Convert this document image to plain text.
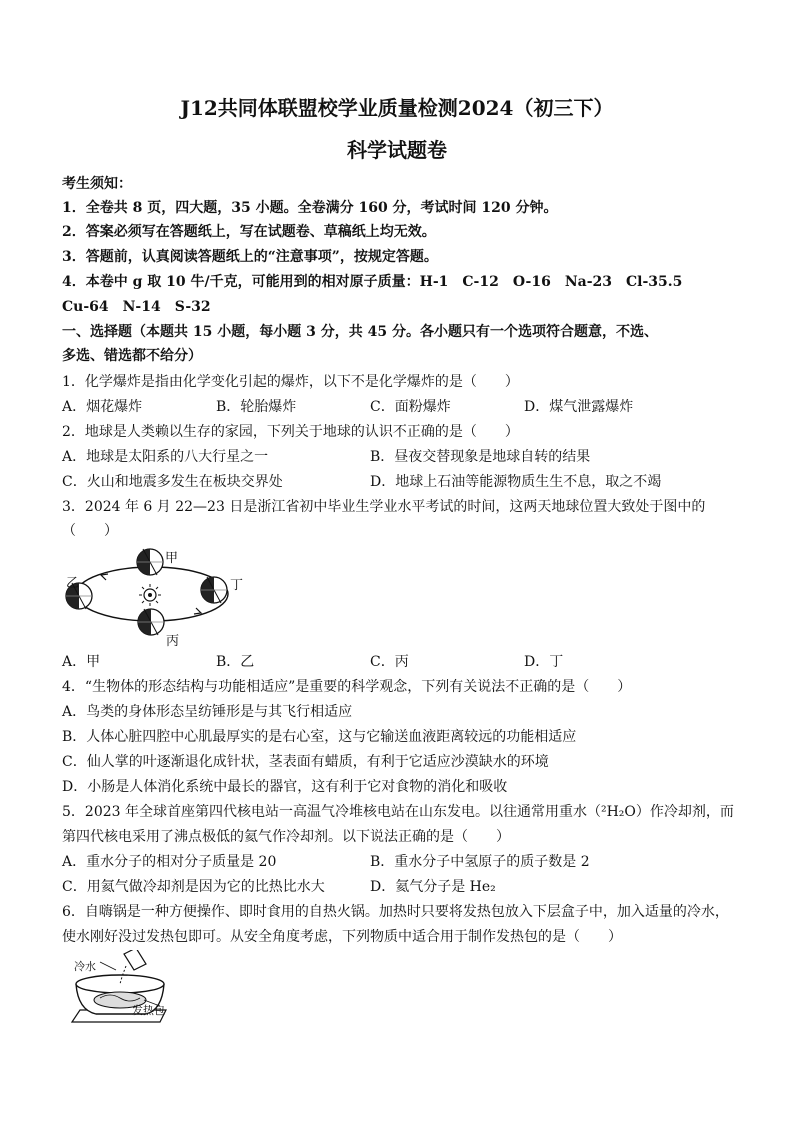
J12共同体联盟校学业质量检测2024（初三下）
科学试题卷
考生须知：
1．全卷共 8 页，四大题，35 小题。全卷满分 160 分，考试时间 120 分钟。
2．答案必须写在答题纸上，写在试题卷、草稿纸上均无效。
3．答题前，认真阅读答题纸上的“注意事项”，按规定答题。
4．本卷中 g 取 10 牛/千克，可能用到的相对原子质量：H-1　C-12　O-16　Na-23　Cl-35.5
Cu-64　N-14　S-32
一、选择题（本题共 15 小题，每小题 3 分，共 45 分。各小题只有一个选项符合题意，不选、
多选、错选都不给分）
1．化学爆炸是指由化学变化引起的爆炸，以下不是化学爆炸的是（　　）
A．烟花爆炸	B．轮胎爆炸	C．面粉爆炸	D．煤气泄露爆炸
2．地球是人类赖以生存的家园，下列关于地球的认识不正确的是（　　）
A．地球是太阳系的八大行星之一	B．昼夜交替现象是地球自转的结果
C．火山和地震多发生在板块交界处	D．地球上石油等能源物质生生不息，取之不竭
3．2024 年 6 月 22—23 日是浙江省初中毕业生学业水平考试的时间，这两天地球位置大致处于图中的
（　　）
甲
乙	丁
丙
A．甲	B．乙	C．丙	D．丁
4．“生物体的形态结构与功能相适应”是重要的科学观念，下列有关说法不正确的是（　　）
A．鸟类的身体形态呈纺锤形是与其飞行相适应
B．人体心脏四腔中心肌最厚实的是右心室，这与它输送血液距离较远的功能相适应
C．仙人掌的叶逐渐退化成针状，茎表面有蜡质，有利于它适应沙漠缺水的环境
D．小肠是人体消化系统中最长的器官，这有利于它对食物的消化和吸收
5．2023 年全球首座第四代核电站一高温气冷堆核电站在山东发电。以往通常用重水（²H₂O）作冷却剂，而
第四代核电采用了沸点极低的氦气作冷却剂。以下说法正确的是（　　）
A．重水分子的相对分子质量是 20	B．重水分子中氢原子的质子数是 2
C．用氦气做冷却剂是因为它的比热比水大	D．氦气分子是 He₂
6．自嗨锅是一种方便操作、即时食用的自热火锅。加热时只要将发热包放入下层盒子中，加入适量的冷水，
使水刚好没过发热包即可。从安全角度考虑，下列物质中适合用于制作发热包的是（　　）
冷水
发热包
